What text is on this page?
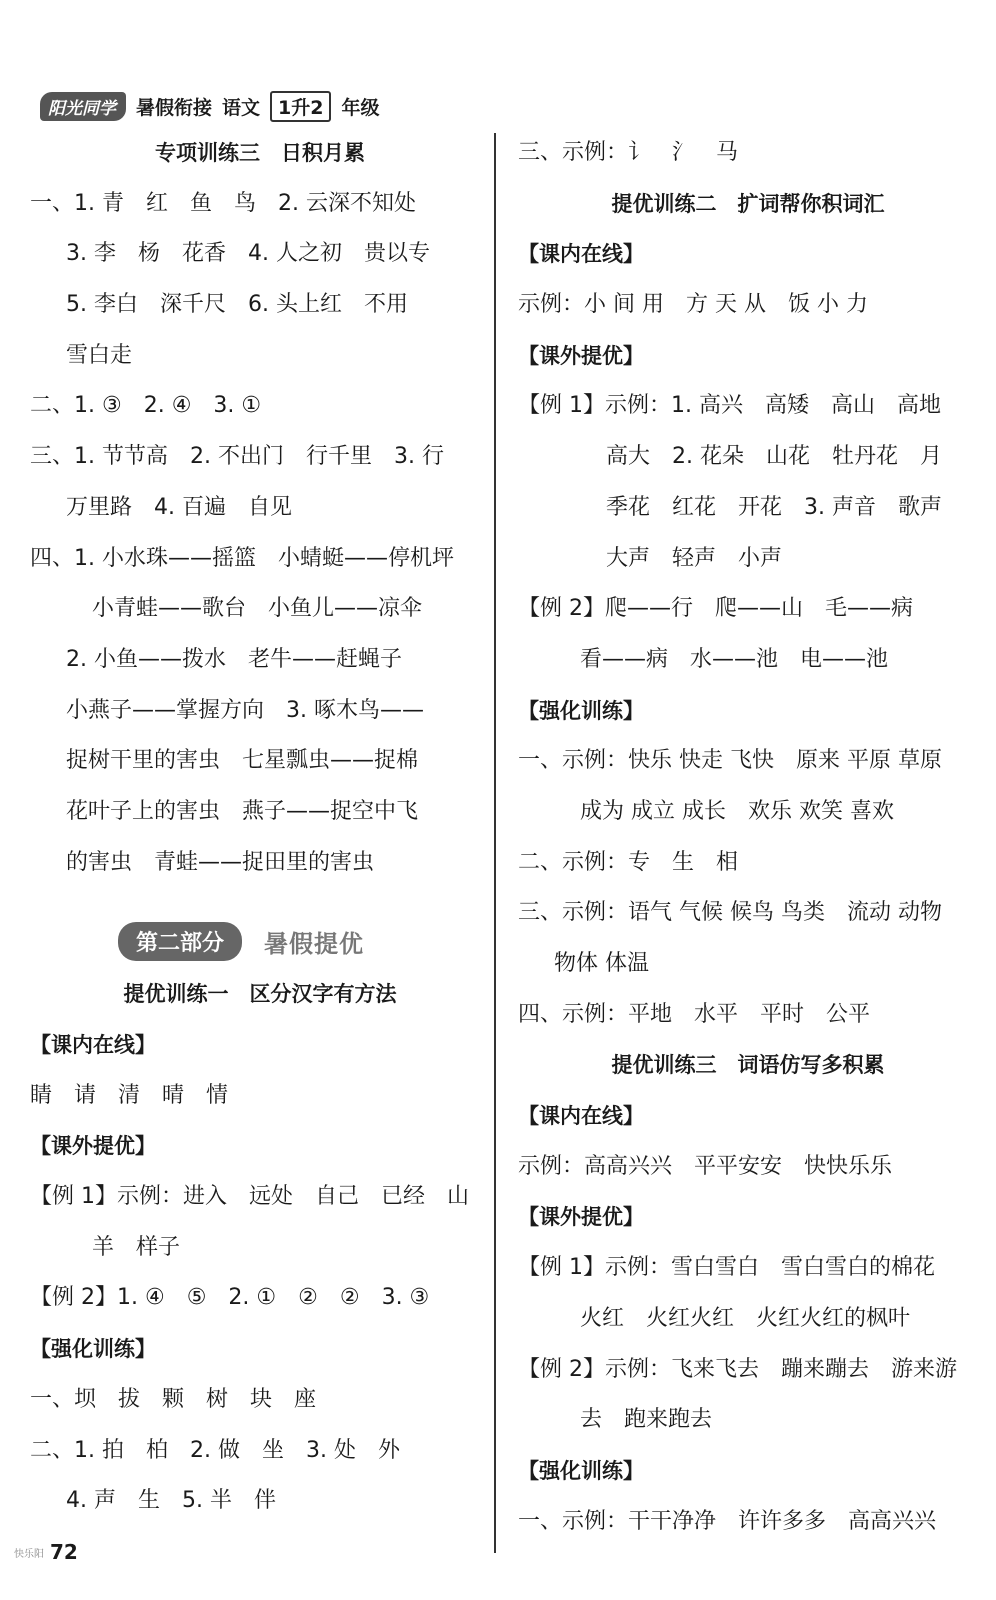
阳光同学	暑假衔接 语文 1升2 年级
专项训练三　日积月累
一、1. 青　红　鱼　鸟　2. 云深不知处
3. 李　杨　花香　4. 人之初　贵以专
5. 李白　深千尺　6. 头上红　不用
雪白走
二、1. ③　2. ④　3. ①
三、1. 节节高　2. 不出门　行千里　3. 行
万里路　4. 百遍　自见
四、1. 小水珠——摇篮　小蜻蜓——停机坪
小青蛙——歌台　小鱼儿——凉伞
2. 小鱼——拨水　老牛——赶蝇子
小燕子——掌握方向　3. 啄木鸟——
捉树干里的害虫　七星瓢虫——捉棉
花叶子上的害虫　燕子——捉空中飞
的害虫　青蛙——捉田里的害虫
第二部分	暑假提优
提优训练一　区分汉字有方法
【课内在线】
睛　请　清　晴　情
【课外提优】
【例 1】示例：进入　远处　自己　已经　山
羊　样子
【例 2】1. ④　⑤　2. ①　②　②　3. ③
【强化训练】
一、坝　拔　颗　树　块　座
二、1. 拍　柏　2. 做　坐　3. 处　外
4. 声　生　5. 半　伴
三、示例：讠　氵　马
提优训练二　扩词帮你积词汇
【课内在线】
示例：小 间 用　方 天 从　饭 小 力
【课外提优】
【例 1】示例：1. 高兴　高矮　高山　高地
高大　2. 花朵　山花　牡丹花　月
季花　红花　开花　3. 声音　歌声
大声　轻声　小声
【例 2】爬——行　爬——山　毛——病
看——病　水——池　电——池
【强化训练】
一、示例：快乐 快走 飞快　原来 平原 草原
成为 成立 成长　欢乐 欢笑 喜欢
二、示例：专　生　相
三、示例：语气 气候 候鸟 鸟类　流动 动物
物体 体温
四、示例：平地　水平　平时　公平
提优训练三　词语仿写多积累
【课内在线】
示例：高高兴兴　平平安安　快快乐乐
【课外提优】
【例 1】示例：雪白雪白　雪白雪白的棉花
火红　火红火红　火红火红的枫叶
【例 2】示例：飞来飞去　蹦来蹦去　游来游
去　跑来跑去
【强化训练】
一、示例：干干净净　许许多多　高高兴兴
快乐阳 72
